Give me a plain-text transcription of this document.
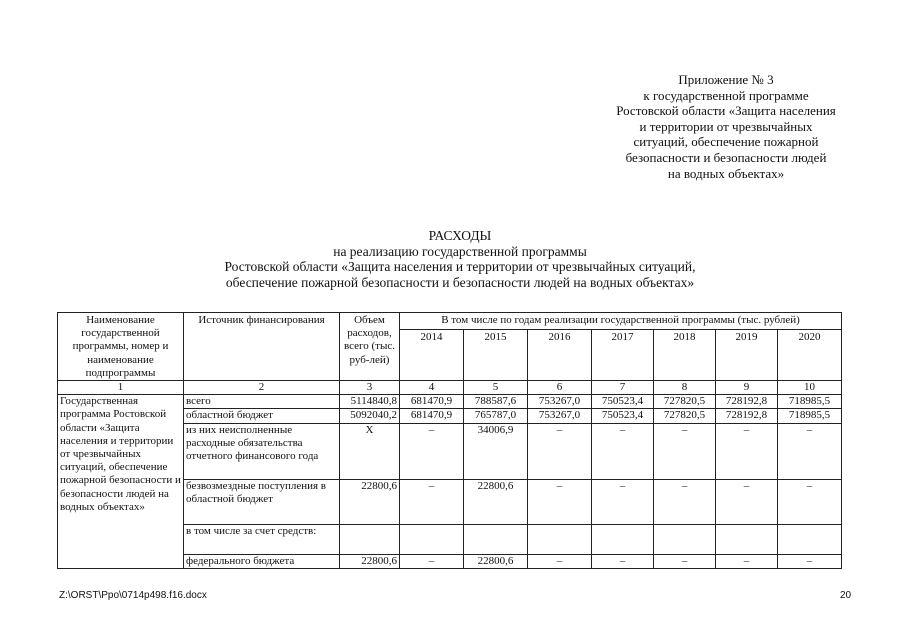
Приложение № 3
к государственной программе
Ростовской области «Защита населения
и территории от чрезвычайных
ситуаций, обеспечение пожарной
безопасности и безопасности людей
на водных объектах»
РАСХОДЫ
на реализацию государственной программы
Ростовской области «Защита населения и территории от чрезвычайных ситуаций,
обеспечение пожарной безопасности и безопасности людей на водных объектах»
Наименование государственной программы, номер и наименование подпрограммы	Источник финансирования	Объем расходов, всего (тыс. руб-лей)	В том числе по годам реализации государственной программы (тыс. рублей)						
			2014	2015	2016	2017	2018	2019	2020
1	2	3	4	5	6	7	8	9	10
Государственная программа Ростовской области «Защита населения и территории от чрезвычайных ситуаций, обеспечение пожарной безопасности и безопасности людей на водных объектах»	всего	5114840,8	681470,9	788587,6	753267,0	750523,4	727820,5	728192,8	718985,5
	областной бюджет	5092040,2	681470,9	765787,0	753267,0	750523,4	727820,5	728192,8	718985,5
	из них неисполненные расходные обязательства отчетного финансового года	Х	–	34006,9	–	–	–	–	–
	безвозмездные поступления в областной бюджет	22800,6	–	22800,6	–	–	–	–	–
	в том числе за счет средств:								
	федерального бюджета	22800,6	–	22800,6	–	–	–	–	–
Z:\ORST\Ppo\0714p498.f16.docx	20
